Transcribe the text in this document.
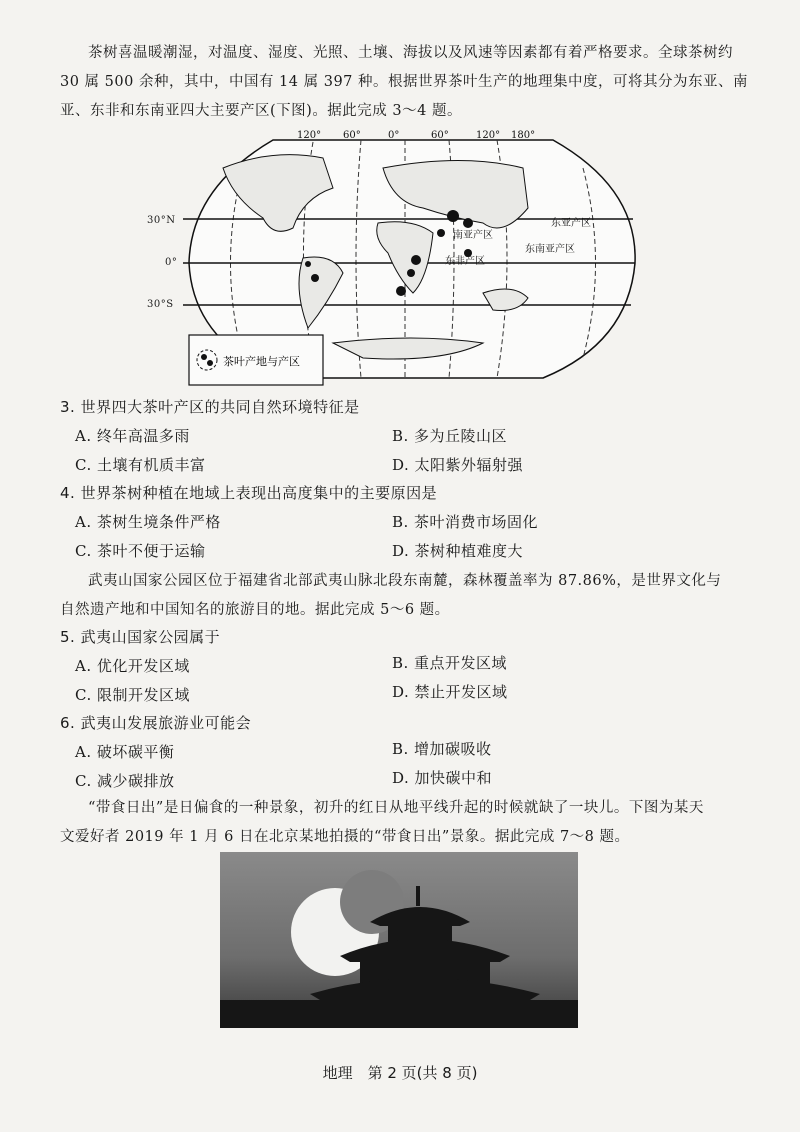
茶树喜温暖潮湿，对温度、湿度、光照、土壤、海拔以及风速等因素都有着严格要求。全球茶树约
30 属 500 余种，其中，中国有 14 属 397 种。根据世界茶叶生产的地理集中度，可将其分为东亚、南
亚、东非和东南亚四大主要产区(下图)。据此完成 3～4 题。
120° 60°	0°	60°	120° 180°
东亚产区
南亚产区
东南亚产区
东非产区
茶叶产地与产区
30°N
0°
30°S
3. 世界四大茶叶产区的共同自然环境特征是
A. 终年高温多雨	B. 多为丘陵山区
C. 土壤有机质丰富	D. 太阳紫外辐射强
4. 世界茶树种植在地域上表现出高度集中的主要原因是
A. 茶树生境条件严格	B. 茶叶消费市场固化
C. 茶叶不便于运输	D. 茶树种植难度大
武夷山国家公园区位于福建省北部武夷山脉北段东南麓，森林覆盖率为 87.86%，是世界文化与
自然遗产地和中国知名的旅游目的地。据此完成 5～6 题。
5. 武夷山国家公园属于
A. 优化开发区域	B. 重点开发区域
C. 限制开发区域	D. 禁止开发区域
6. 武夷山发展旅游业可能会
A. 破坏碳平衡	B. 增加碳吸收
C. 减少碳排放	D. 加快碳中和
“带食日出”是日偏食的一种景象，初升的红日从地平线升起的时候就缺了一块儿。下图为某天
文爱好者 2019 年 1 月 6 日在北京某地拍摄的“带食日出”景象。据此完成 7～8 题。
地理　第 2 页(共 8 页)
